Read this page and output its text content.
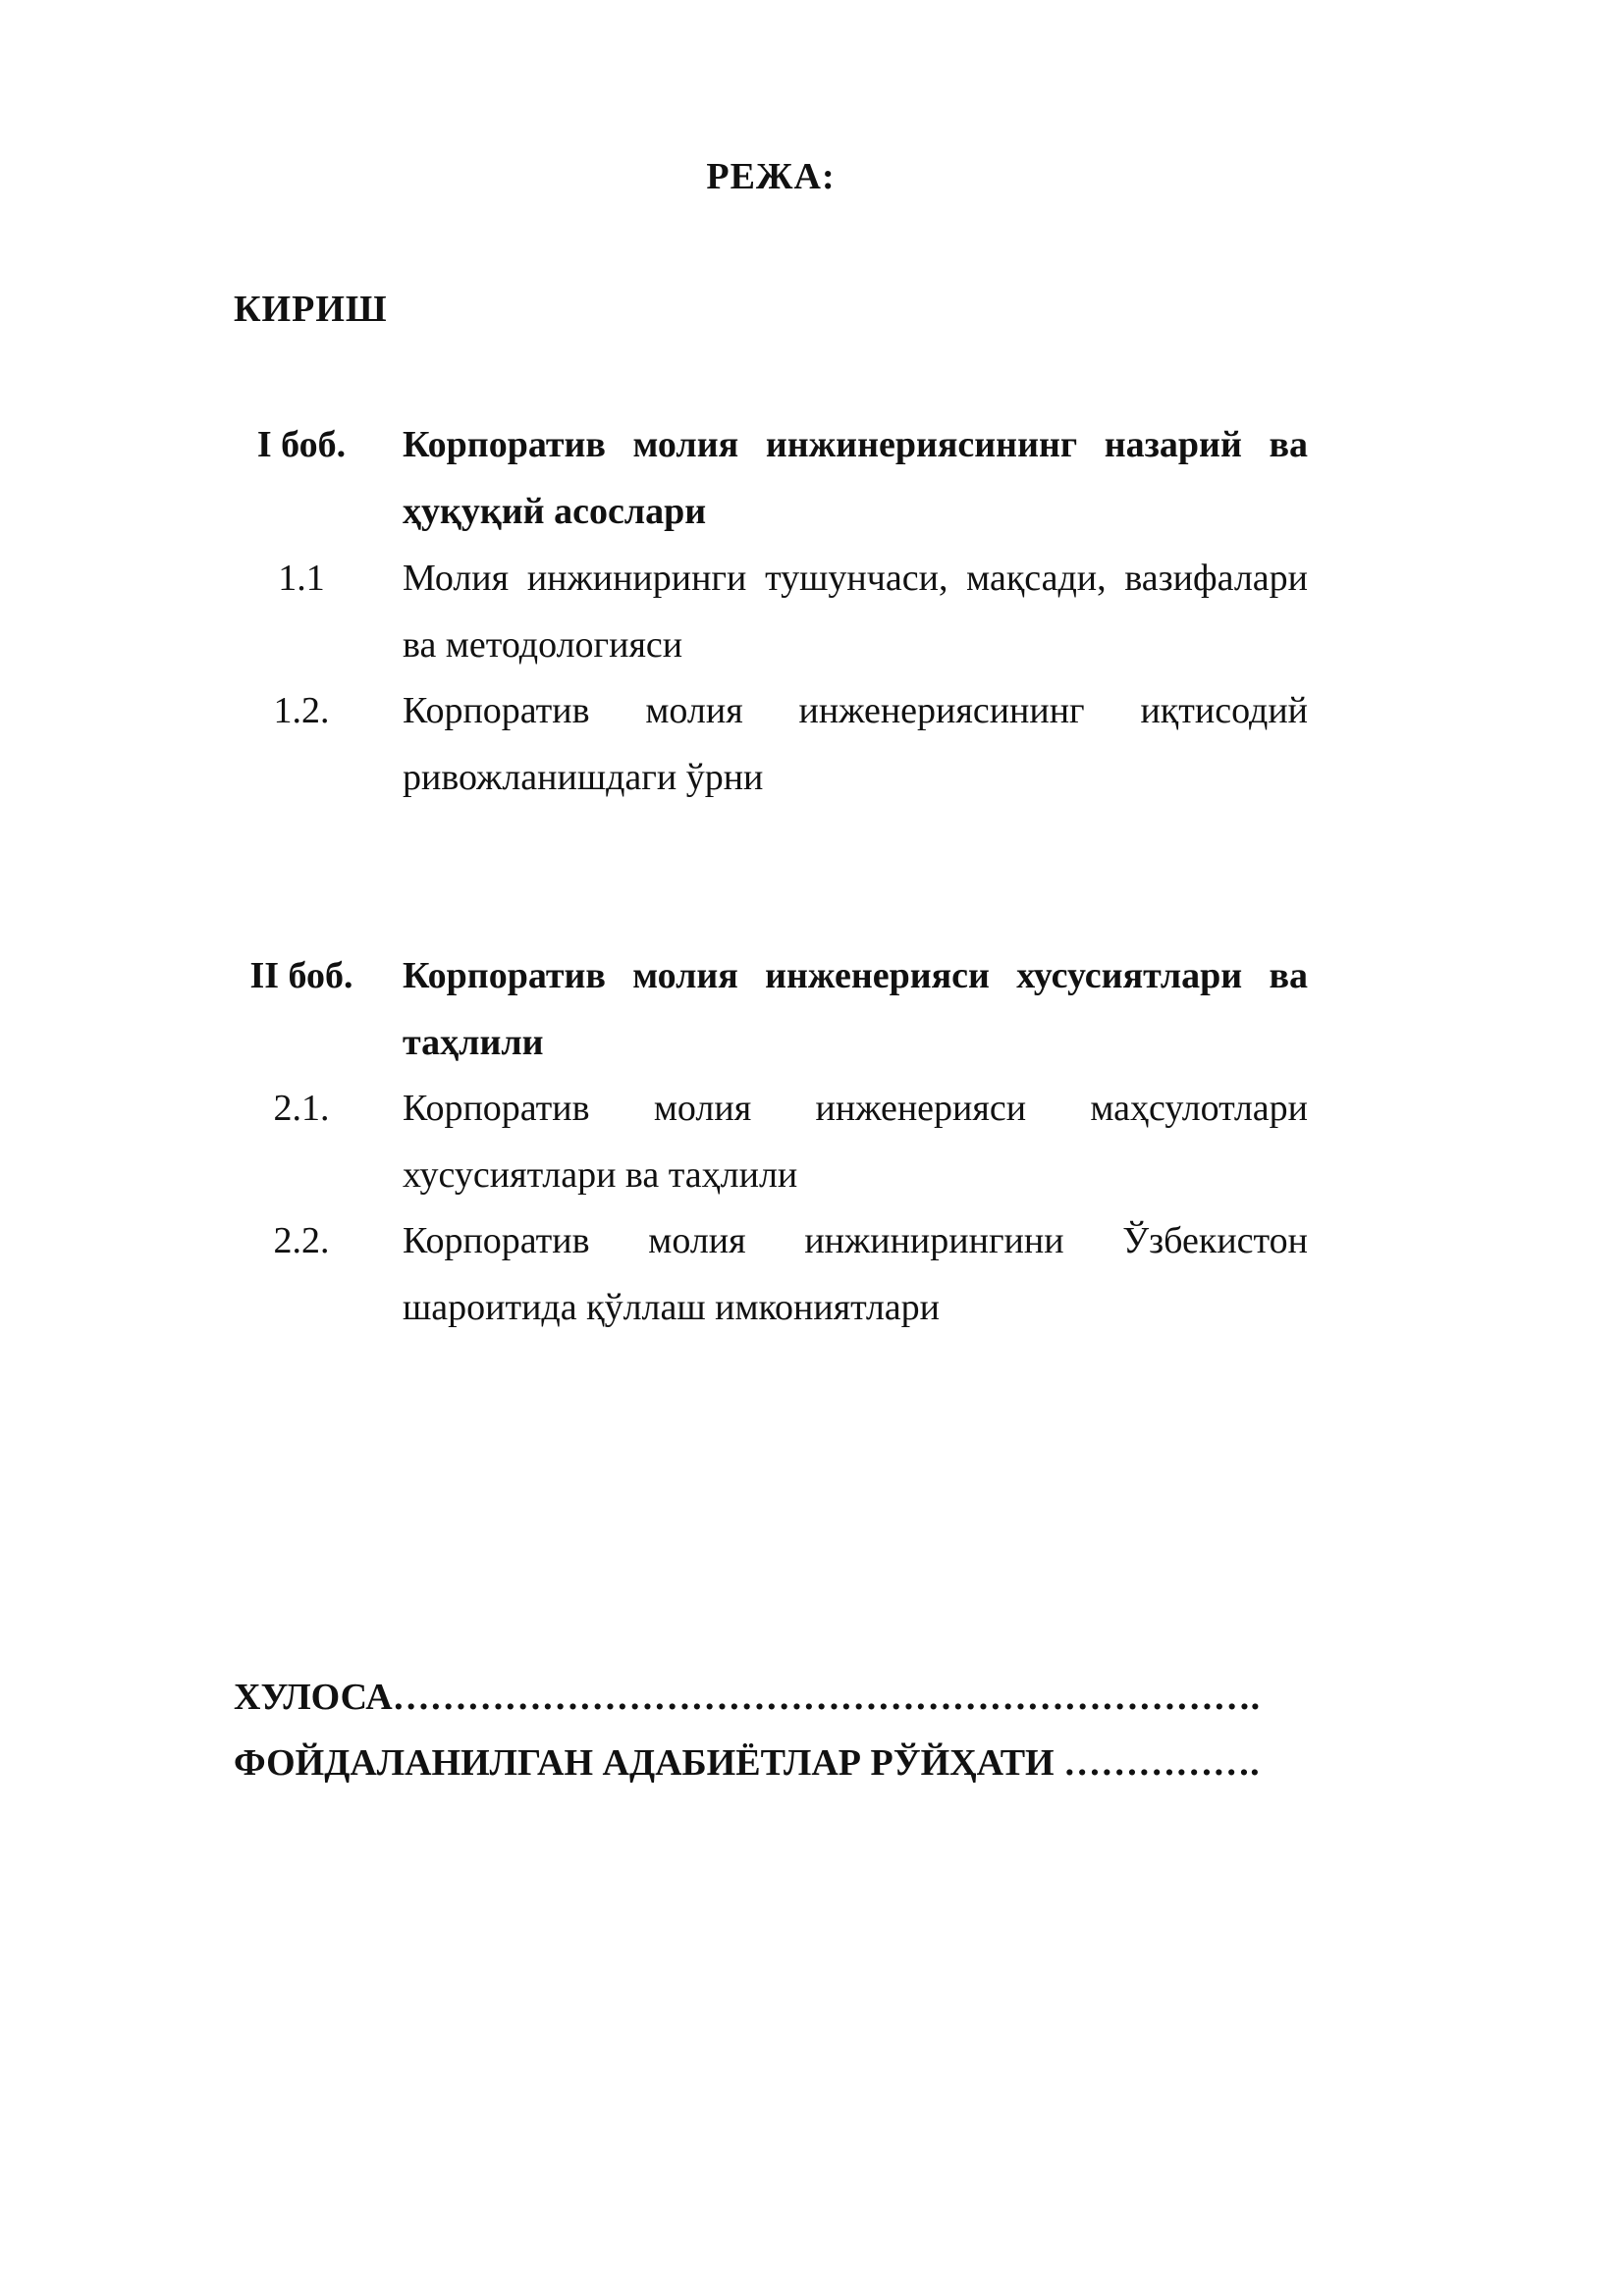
РЕЖА:
КИРИШ
I боб.	Корпоратив молия инжинериясининг назарий ва ҳуқуқий асослари
1.1	Молия инжиниринги тушунчаси, мақсади, вазифалари ва методологияси
1.2.	Корпоратив молия инженериясининг иқтисодий ривожланишдаги ўрни
II боб.	Корпоратив молия инженерияси хусусиятлари ва таҳлили
2.1.	Корпоратив молия инженерияси маҳсулотлари хусусиятлари ва таҳлили
2.2.	Корпоратив молия инжинирингини Ўзбекистон шароитида қўллаш имкониятлари
ХУЛОСА…………………………………………………………….
ФОЙДАЛАНИЛГАН АДАБИЁТЛАР РЎЙҲАТИ …………….
